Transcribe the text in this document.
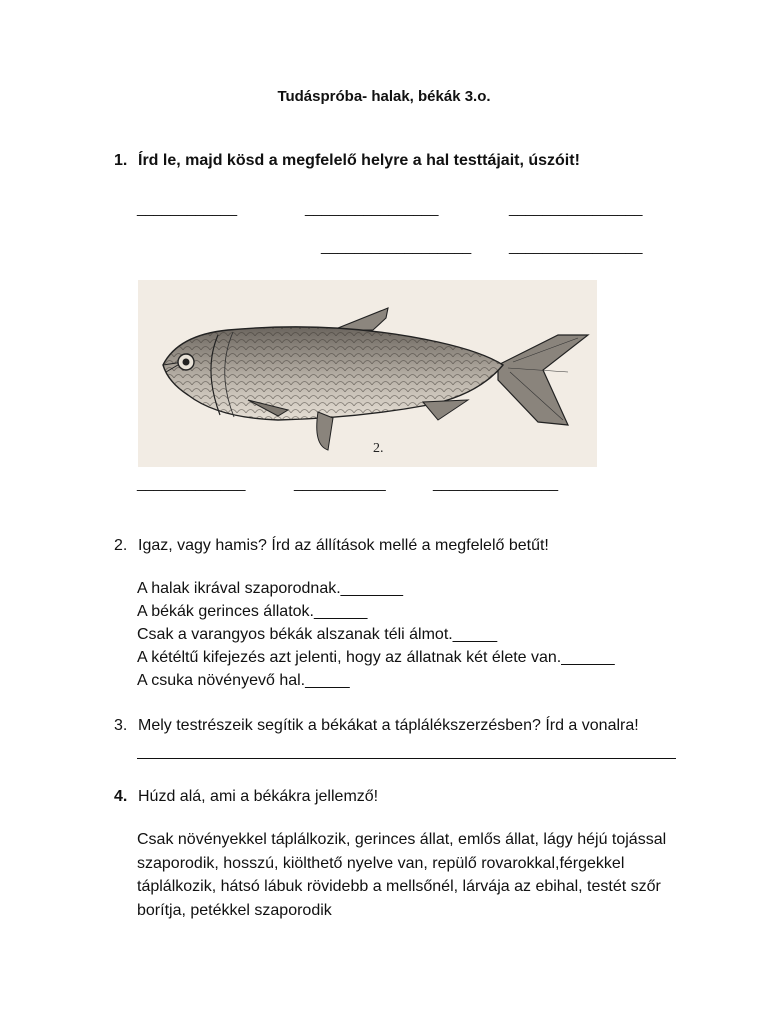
Tudáspróba- halak, békák 3.o.
1. Írd le, majd kösd a megfelelő helyre a hal testtájait, úszóit!
____________	________________	________________
__________________	________________
2.
_____________	___________	_______________
2. Igaz, vagy hamis? Írd az állítások mellé a megfelelő betűt!
A halak ikrával szaporodnak._______
A békák gerinces állatok.______
Csak a varangyos békák alszanak téli álmot._____
A kétéltű kifejezés azt jelenti, hogy az állatnak két élete van.______
A csuka növényevő hal._____
3. Mely testrészeik segítik a békákat a táplálékszerzésben? Írd a vonalra!
4. Húzd alá, ami a békákra jellemző!
Csak növényekkel táplálkozik, gerinces állat, emlős állat, lágy héjú tojással szaporodik, hosszú, kiölthető nyelve van, repülő rovarokkal,férgekkel táplálkozik, hátsó lábuk rövidebb a mellsőnél, lárvája az ebihal, testét szőr borítja, petékkel szaporodik
